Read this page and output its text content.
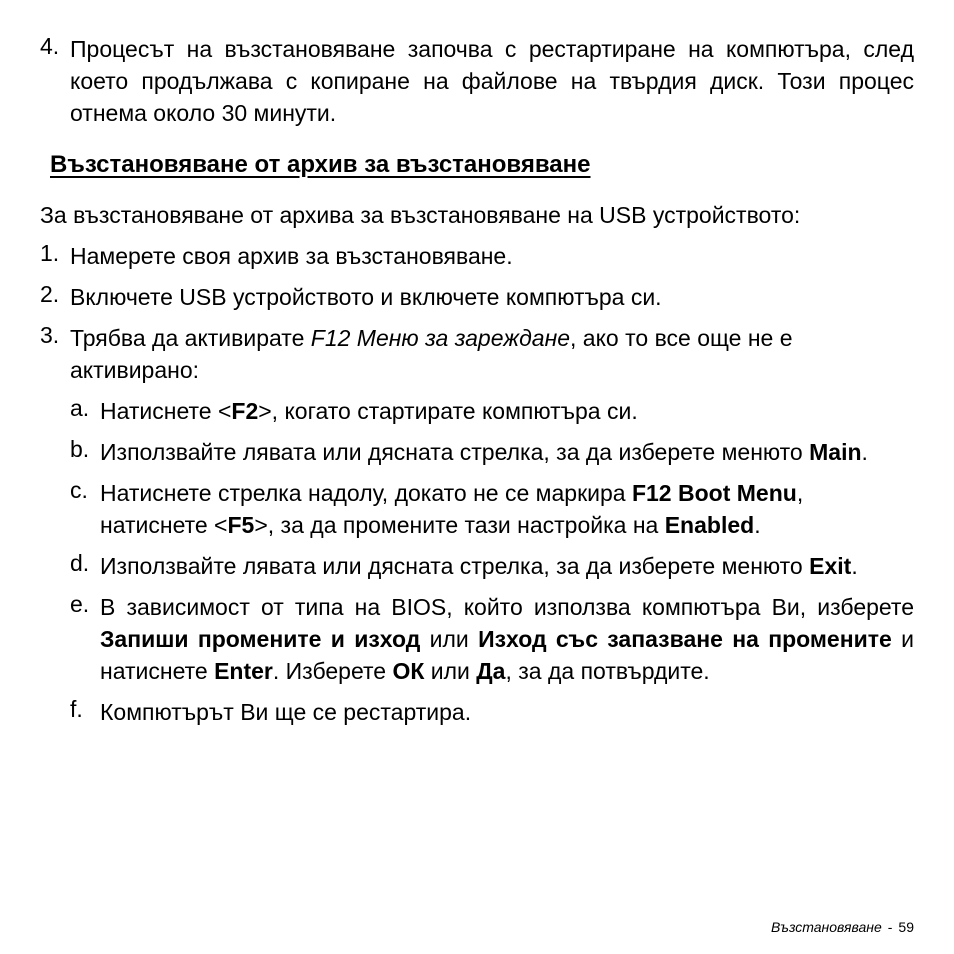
4. Процесът на възстановяване започва с рестартиране на компютъра, след което продължава с копиране на файлове на твърдия диск. Този процес отнема около 30 минути.

Възстановяване от архив за възстановяване

За възстановяване от архива за възстановяване на USB устройството:

1. Намерете своя архив за възстановяване.

2. Включете USB устройството и включете компютъра си.

3. Трябва да активирате F12 Меню за зареждане, ако то все още не е активирано:

a. Натиснете <F2>, когато стартирате компютъра си.

b. Използвайте лявата или дясната стрелка, за да изберете менюто Main.

c. Натиснете стрелка надолу, докато не се маркира F12 Boot Menu, натиснете <F5>, за да промените тази настройка на Enabled.

d. Използвайте лявата или дясната стрелка, за да изберете менюто Exit.

e. В зависимост от типа на BIOS, който използва компютъра Ви, изберете Запиши промените и изход или Изход със запазване на промените и натиснете Enter. Изберете ОК или Да, за да потвърдите.

f. Компютърът Ви ще се рестартира.

Възстановяване - 59
